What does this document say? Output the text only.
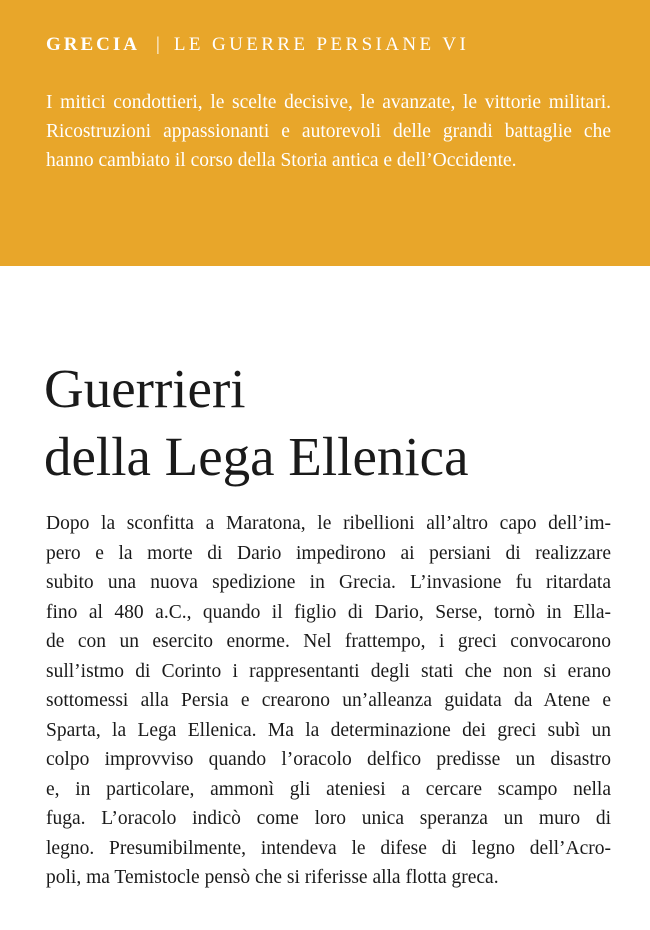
GRECIA | LE GUERRE PERSIANE VI

I mitici condottieri, le scelte decisive, le avanzate, le vittorie militari. Ricostruzioni appassionanti e autorevoli delle grandi battaglie che hanno cambiato il corso della Storia antica e dell’Occidente.

Guerrieri
della Lega Ellenica

Dopo la sconfitta a Maratona, le ribellioni all’altro capo dell’im-
pero e la morte di Dario impedirono ai persiani di realizzare
subito una nuova spedizione in Grecia. L’invasione fu ritardata
fino al 480 a.C., quando il figlio di Dario, Serse, tornò in Ella-
de con un esercito enorme. Nel frattempo, i greci convocarono
sull’istmo di Corinto i rappresentanti degli stati che non si erano
sottomessi alla Persia e crearono un’alleanza guidata da Atene e
Sparta, la Lega Ellenica. Ma la determinazione dei greci subì un
colpo improvviso quando l’oracolo delfico predisse un disastro
e, in particolare, ammonì gli ateniesi a cercare scampo nella
fuga. L’oracolo indicò come loro unica speranza un muro di
legno. Presumibilmente, intendeva le difese di legno dell’Acro-
poli, ma Temistocle pensò che si riferisse alla flotta greca.
